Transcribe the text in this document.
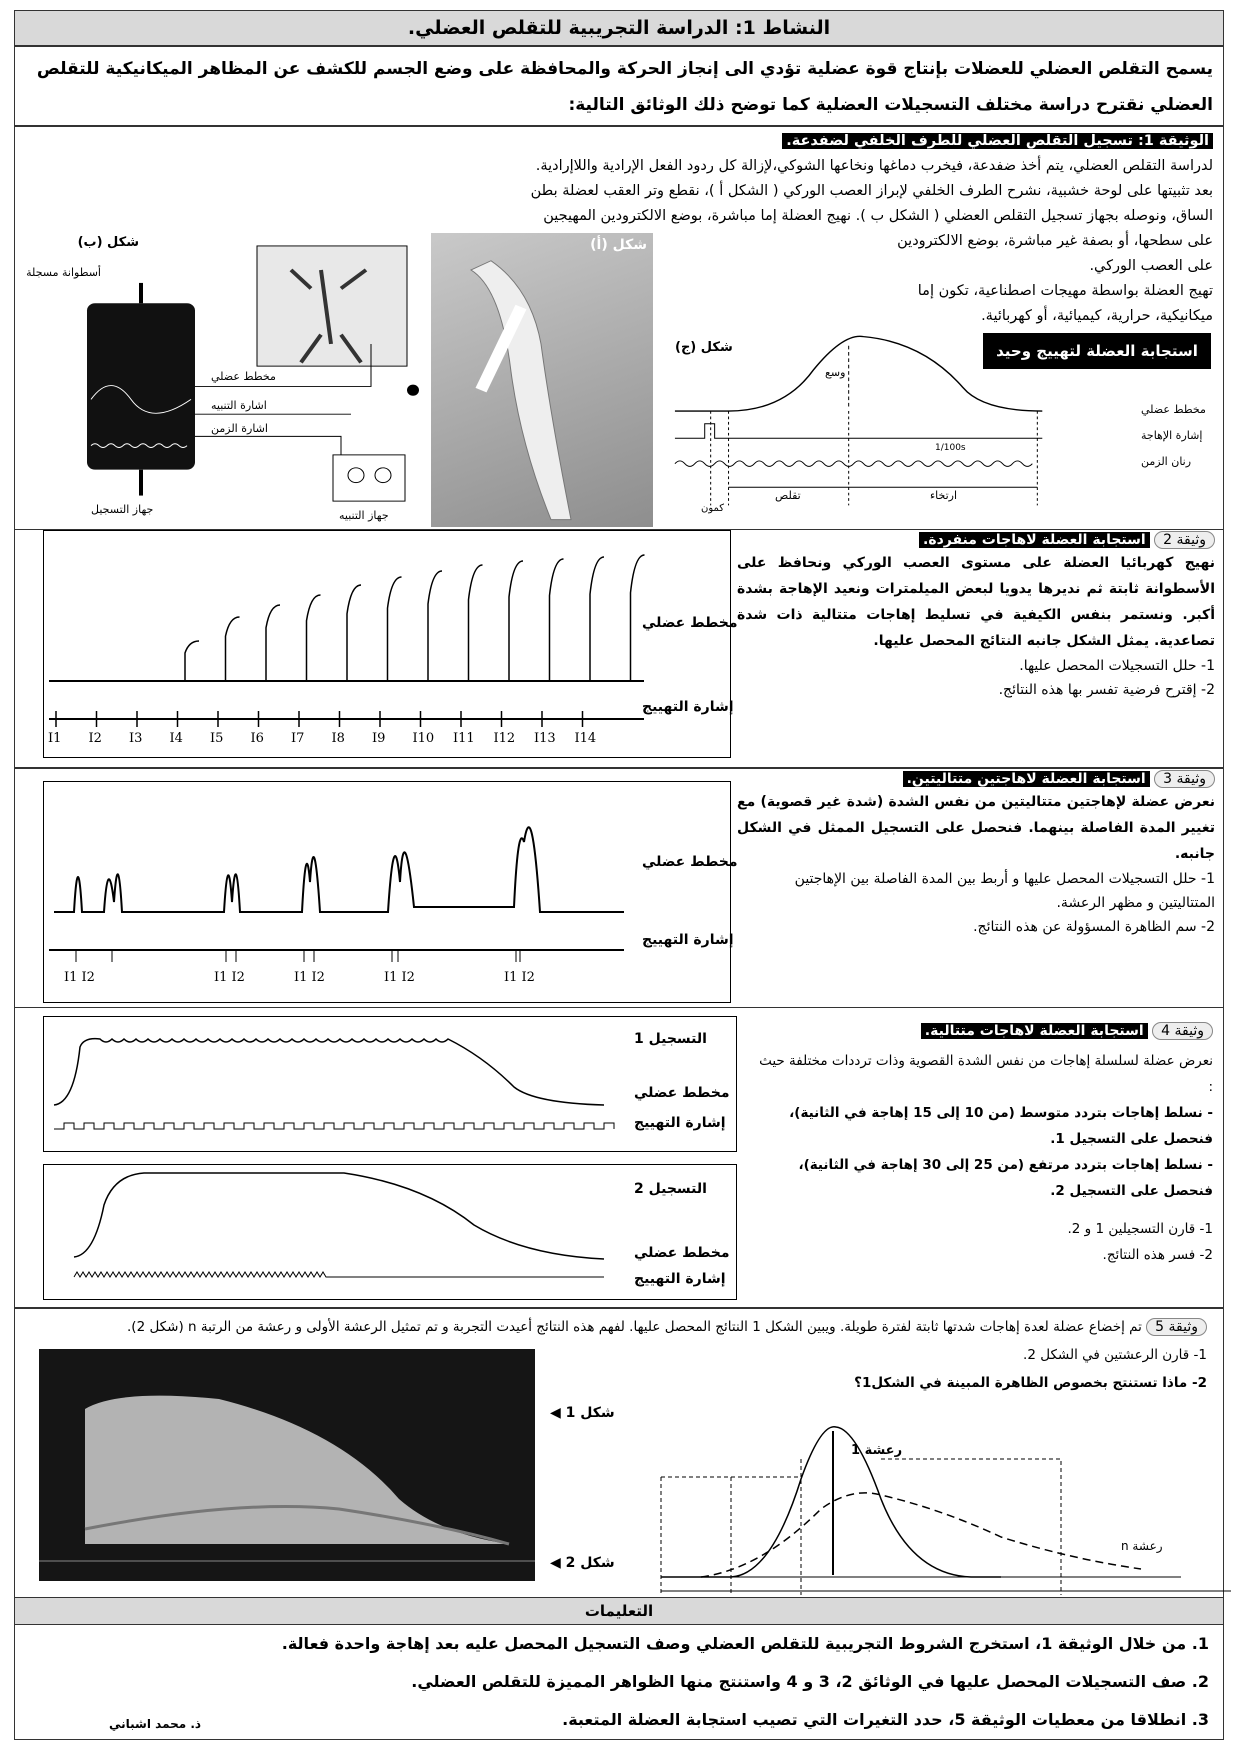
النشاط 1: الدراسة التجريبية للتقلص العضلي.
يسمح التقلص العضلي للعضلات بإنتاج قوة عضلية تؤدي الى إنجاز الحركة والمحافظة على وضع الجسم للكشف عن المظاهر الميكانيكية للتقلص العضلي نقترح دراسة مختلف التسجيلات العضلية كما توضح ذلك الوثائق التالية:
الوثيقة 1: تسجيل التقلص العضلي للطرف الخلفي لضفدعة.
لدراسة التقلص العضلي، يتم أخذ ضفدعة، فيخرب دماغها ونخاعها الشوكي،لإزالة كل ردود الفعل الإرادية واللاإرادية.
بعد تثبيتها على لوحة خشبية، نشرح الطرف الخلفي لإبراز العصب الوركي ( الشكل أ )، نقطع وتر العقب لعضلة بطن
الساق، ونوصله بجهاز تسجيل التقلص العضلي ( الشكل ب ). نهيج العضلة إما مباشرة، بوضع الالكترودين المهيجين
على سطحها، أو بصفة غير مباشرة، بوضع الالكترودين
على العصب الوركي.
تهيج العضلة بواسطة مهيجات اصطناعية، تكون إما
ميكانيكية، حرارية، كيميائية، أو كهربائية.
شكل (أ)
شكل (ب)
أسطوانة مسجلة
مخطط عضلي
اشارة التنبيه
اشارة الزمن
جهاز التسجيل	جهاز التنبيه
استجابة العضلة لتهييج وحيد
شكل (ج)
وسع
مخطط عضلي
إشارة الإهاجة
رنان الزمن
1/100s
كمون
تقلص	ارتخاء
مخطط عضلي
إشارة التهييج
I1 I2 I3 I4 I5 I6 I7 I8 I9 I10 I11 I12 I13 I14
وثيقة 2 استجابة العضلة لاهاجات منفردة.
نهيج كهربائيا العضلة على مستوى العصب الوركي ونحافظ على الأسطوانة ثابتة ثم نديرها يدويا لبعض الميلمترات ونعيد الإهاجة بشدة أكبر. ونستمر بنفس الكيفية في تسليط إهاجات متتالية ذات شدة تصاعدية. يمثل الشكل جانبه النتائج المحصل عليها.
1- حلل التسجيلات المحصل عليها.
2- إقترح فرضية تفسر بها هذه النتائج.
مخطط عضلي
إشارة التهييج
I1 I2	I1 I2	I1 I2	I1 I2	I1 I2
وثيقة 3 استجابة العضلة لاهاجتين متتاليتين.
نعرض عضلة لإهاجتين متتاليتين من نفس الشدة (شدة غير قصوية) مع تغيير المدة الفاصلة بينهما. فنحصل على التسجيل الممثل في الشكل جانبه.
1- حلل التسجيلات المحصل عليها و أربط بين المدة الفاصلة بين الإهاجتين المتتاليتين و مظهر الرعشة.
2- سم الظاهرة المسؤولة عن هذه النتائج.
التسجيل 1
مخطط عضلي
إشارة التهييج
التسجيل 2
مخطط عضلي
إشارة التهييج
وثيقة 4 استجابة العضلة لاهاجات متتالية.
نعرض عضلة لسلسلة إهاجات من نفس الشدة القصوية وذات ترددات مختلفة حيث :
- نسلط إهاجات بتردد متوسط (من 10 إلى 15 إهاجة في الثانية)، فنحصل على التسجيل 1.
- نسلط إهاجات بتردد مرتفع (من 25 إلى 30 إهاجة في الثانية)، فنحصل على التسجيل 2.
1- قارن التسجيلين 1 و 2.
2- فسر هذه النتائج.
وثيقة 5 تم إخضاع عضلة لعدة إهاجات شدتها ثابتة لفترة طويلة. ويبين الشكل 1 النتائج المحصل عليها. لفهم هذه النتائج أعيدت التجربة و تم تمثيل الرعشة الأولى و رعشة من الرتبة n (شكل 2).
1- قارن الرعشتين في الشكل 2.
2- ماذا تستنتج بخصوص الظاهرة المبينة في الشكل1؟
شكل 1 ◀
شكل 2 ◀
رعشة 1
رعشة n
التعليمات
1. من خلال الوثيقة 1، استخرج الشروط التجريبية للتقلص العضلي وصف التسجيل المحصل عليه بعد إهاجة واحدة فعالة.
2. صف التسجيلات المحصل عليها في الوثائق 2، 3 و 4 واستنتج منها الظواهر المميزة للتقلص العضلي.
3. انطلاقا من معطيات الوثيقة 5، حدد التغيرات التي تصيب استجابة العضلة المتعبة.
ذ. محمد اشباني
